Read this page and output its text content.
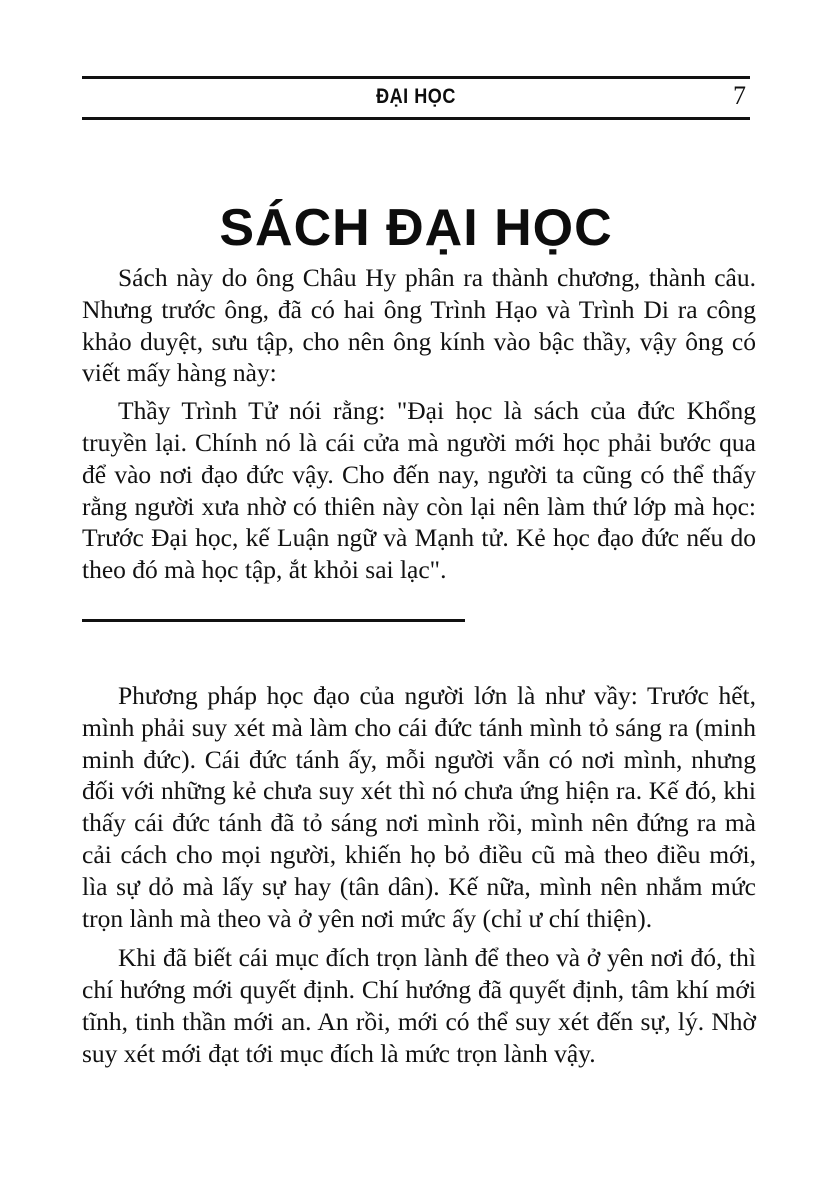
ĐẠI HỌC	7
SÁCH ĐẠI HỌC

Sách này do ông Châu Hy phân ra thành chương, thành câu. Nhưng trước ông, đã có hai ông Trình Hạo và Trình Di ra công khảo duyệt, sưu tập, cho nên ông kính vào bậc thầy, vậy ông có viết mấy hàng này:

Thầy Trình Tử nói rằng: "Đại học là sách của đức Khổng truyền lại. Chính nó là cái cửa mà người mới học phải bước qua để vào nơi đạo đức vậy. Cho đến nay, người ta cũng có thể thấy rằng người xưa nhờ có thiên này còn lại nên làm thứ lớp mà học: Trước Đại học, kế Luận ngữ và Mạnh tử. Kẻ học đạo đức nếu do theo đó mà học tập, ắt khỏi sai lạc".

Phương pháp học đạo của người lớn là như vầy: Trước hết, mình phải suy xét mà làm cho cái đức tánh mình tỏ sáng ra (minh minh đức). Cái đức tánh ấy, mỗi người vẫn có nơi mình, nhưng đối với những kẻ chưa suy xét thì nó chưa ứng hiện ra. Kế đó, khi thấy cái đức tánh đã tỏ sáng nơi mình rồi, mình nên đứng ra mà cải cách cho mọi người, khiến họ bỏ điều cũ mà theo điều mới, lìa sự dỏ mà lấy sự hay (tân dân). Kế nữa, mình nên nhắm mức trọn lành mà theo và ở yên nơi mức ấy (chỉ ư chí thiện).

Khi đã biết cái mục đích trọn lành để theo và ở yên nơi đó, thì chí hướng mới quyết định. Chí hướng đã quyết định, tâm khí mới tĩnh, tinh thần mới an. An rồi, mới có thể suy xét đến sự, lý. Nhờ suy xét mới đạt tới mục đích là mức trọn lành vậy.
